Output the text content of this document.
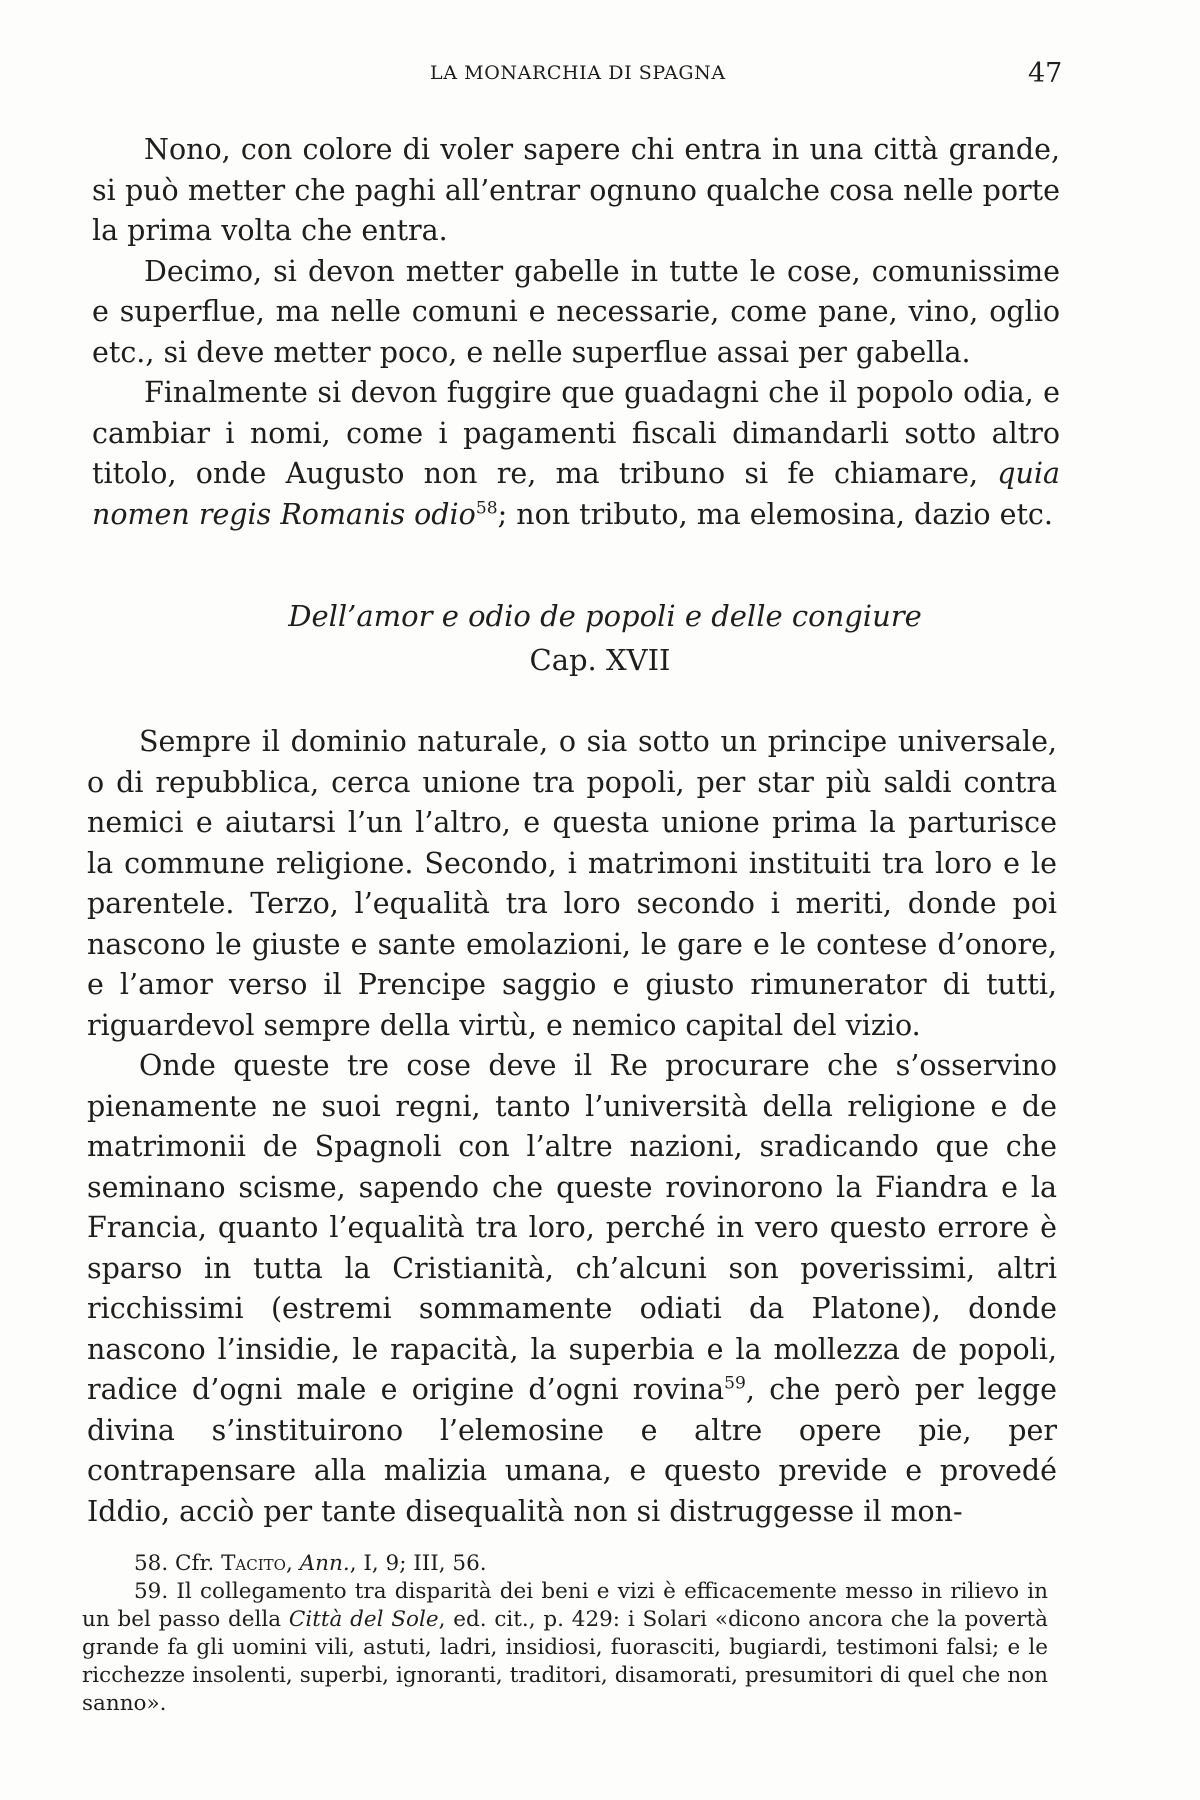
LA MONARCHIA DI SPAGNA	47

Nono, con colore di voler sapere chi entra in una città grande, si può metter che paghi all’entrar ognuno qualche cosa nelle porte la prima volta che entra.

Decimo, si devon metter gabelle in tutte le cose, comunissime e superflue, ma nelle comuni e necessarie, come pane, vino, oglio etc., si deve metter poco, e nelle superflue assai per gabella.

Finalmente si devon fuggire que guadagni che il popolo odia, e cambiar i nomi, come i pagamenti fiscali dimandarli sotto altro titolo, onde Augusto non re, ma tribuno si fe chiamare, quia nomen regis Romanis odio$^{58}$; non tributo, ma elemosina, dazio etc.

Dell’amor e odio de popoli e delle congiure
Cap. XVII

Sempre il dominio naturale, o sia sotto un principe universale, o di repubblica, cerca unione tra popoli, per star più saldi contra nemici e aiutarsi l’un l’altro, e questa unione prima la parturisce la commune religione. Secondo, i matrimoni instituiti tra loro e le parentele. Terzo, l’equalità tra loro secondo i meriti, donde poi nascono le giuste e sante emolazioni, le gare e le contese d’onore, e l’amor verso il Prencipe saggio e giusto rimunerator di tutti, riguardevol sempre della virtù, e nemico capital del vizio.

Onde queste tre cose deve il Re procurare che s’osservino pienamente ne suoi regni, tanto l’università della religione e de matrimonii de Spagnoli con l’altre nazioni, sradicando que che seminano scisme, sapendo che queste rovinorono la Fiandra e la Francia, quanto l’equalità tra loro, perché in vero questo errore è sparso in tutta la Cristianità, ch’alcuni son poverissimi, altri ricchissimi (estremi sommamente odiati da Platone), donde nascono l’insidie, le rapacità, la superbia e la mollezza de popoli, radice d’ogni male e origine d’ogni rovina$^{59}$, che però per legge divina s’instituirono l’elemosine e altre opere pie, per contrapensare alla malizia umana, e questo previde e provedé Iddio, acciò per tante disequalità non si distruggesse il mon-

58. Cfr. Tacito, Ann., I, 9; III, 56.

59. Il collegamento tra disparità dei beni e vizi è efficacemente messo in rilievo in un bel passo della Città del Sole, ed. cit., p. 429: i Solari «dicono ancora che la povertà grande fa gli uomini vili, astuti, ladri, insidiosi, fuorasciti, bugiardi, testimoni falsi; e le ricchezze insolenti, superbi, ignoranti, traditori, disamorati, presumitori di quel che non sanno».
